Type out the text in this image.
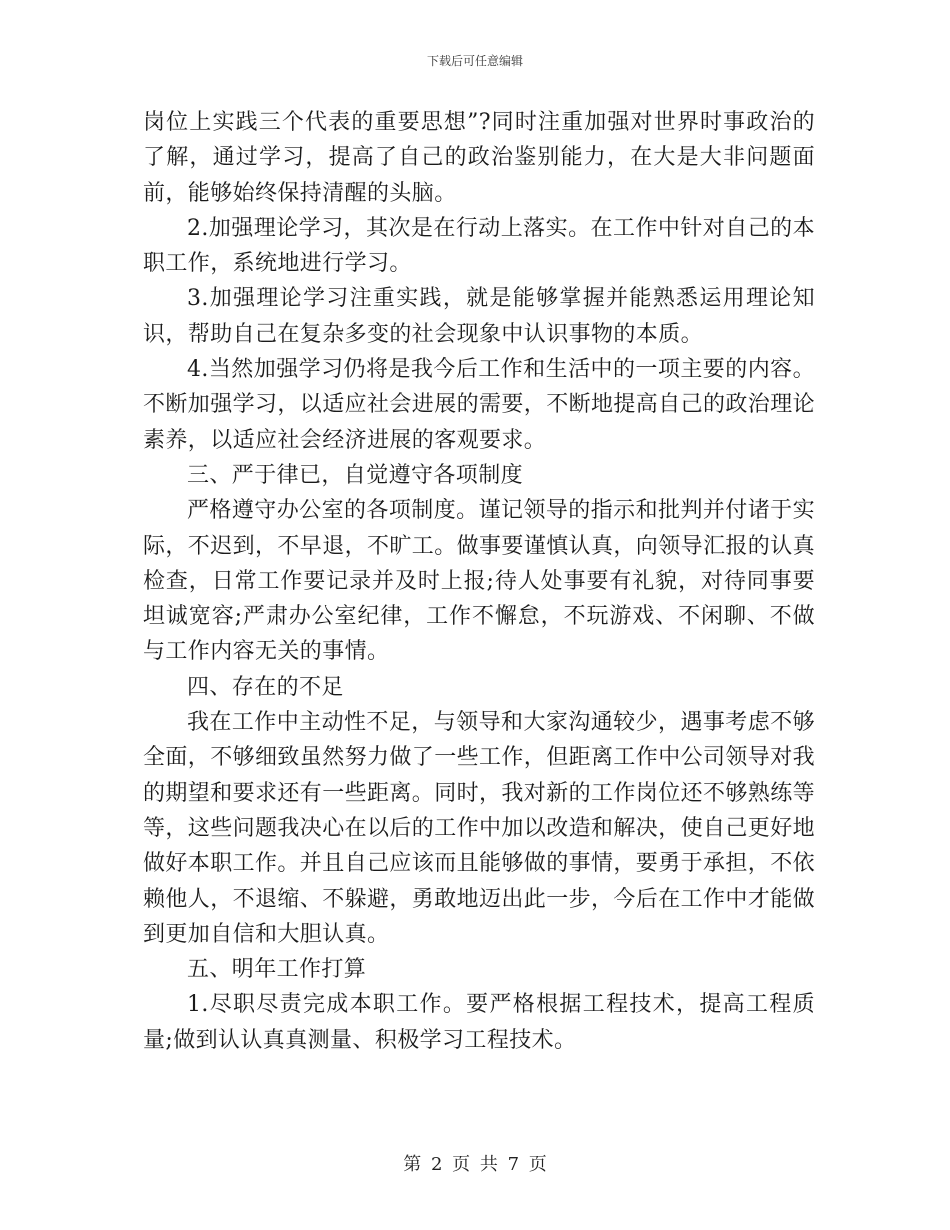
下载后可任意编辑

岗位上实践三个代表的重要思想”?同时注重加强对世界时事政治的了解，通过学习，提高了自己的政治鉴别能力，在大是大非问题面前，能够始终保持清醒的头脑。

2.加强理论学习，其次是在行动上落实。在工作中针对自己的本职工作，系统地进行学习。

3.加强理论学习注重实践，就是能够掌握并能熟悉运用理论知识，帮助自己在复杂多变的社会现象中认识事物的本质。

4.当然加强学习仍将是我今后工作和生活中的一项主要的内容。不断加强学习，以适应社会进展的需要，不断地提高自己的政治理论素养，以适应社会经济进展的客观要求。

三、严于律已，自觉遵守各项制度

严格遵守办公室的各项制度。谨记领导的指示和批判并付诸于实际，不迟到，不早退，不旷工。做事要谨慎认真，向领导汇报的认真检查，日常工作要记录并及时上报;待人处事要有礼貌，对待同事要坦诚宽容;严肃办公室纪律，工作不懈怠，不玩游戏、不闲聊、不做与工作内容无关的事情。

四、存在的不足

我在工作中主动性不足，与领导和大家沟通较少，遇事考虑不够全面，不够细致虽然努力做了一些工作，但距离工作中公司领导对我的期望和要求还有一些距离。同时，我对新的工作岗位还不够熟练等等，这些问题我决心在以后的工作中加以改造和解决，使自己更好地做好本职工作。并且自己应该而且能够做的事情，要勇于承担，不依赖他人，不退缩、不躲避，勇敢地迈出此一步，今后在工作中才能做到更加自信和大胆认真。

五、明年工作打算

1.尽职尽责完成本职工作。要严格根据工程技术，提高工程质量;做到认认真真测量、积极学习工程技术。

第 2 页 共 7 页
